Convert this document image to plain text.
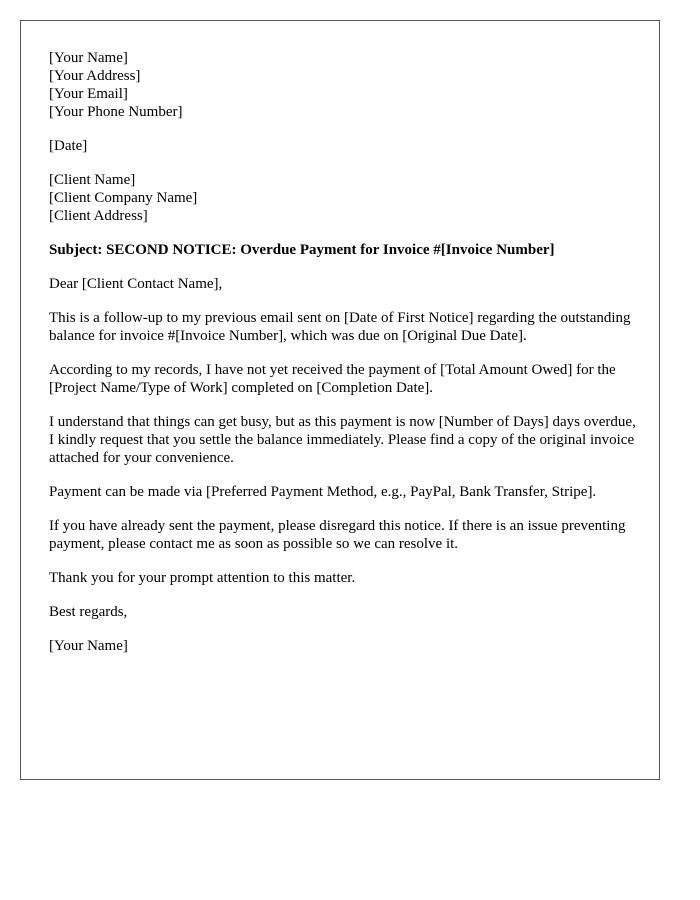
[Your Name]
[Your Address]
[Your Email]
[Your Phone Number]
[Date]
[Client Name]
[Client Company Name]
[Client Address]

Subject: SECOND NOTICE: Overdue Payment for Invoice #[Invoice Number]

Dear [Client Contact Name],

This is a follow-up to my previous email sent on [Date of First Notice] regarding the outstanding balance for invoice #[Invoice Number], which was due on [Original Due Date].

According to my records, I have not yet received the payment of [Total Amount Owed] for the [Project Name/Type of Work] completed on [Completion Date].

I understand that things can get busy, but as this payment is now [Number of Days] days overdue, I kindly request that you settle the balance immediately. Please find a copy of the original invoice attached for your convenience.

Payment can be made via [Preferred Payment Method, e.g., PayPal, Bank Transfer, Stripe].

If you have already sent the payment, please disregard this notice. If there is an issue preventing payment, please contact me as soon as possible so we can resolve it.

Thank you for your prompt attention to this matter.

Best regards,

[Your Name]
